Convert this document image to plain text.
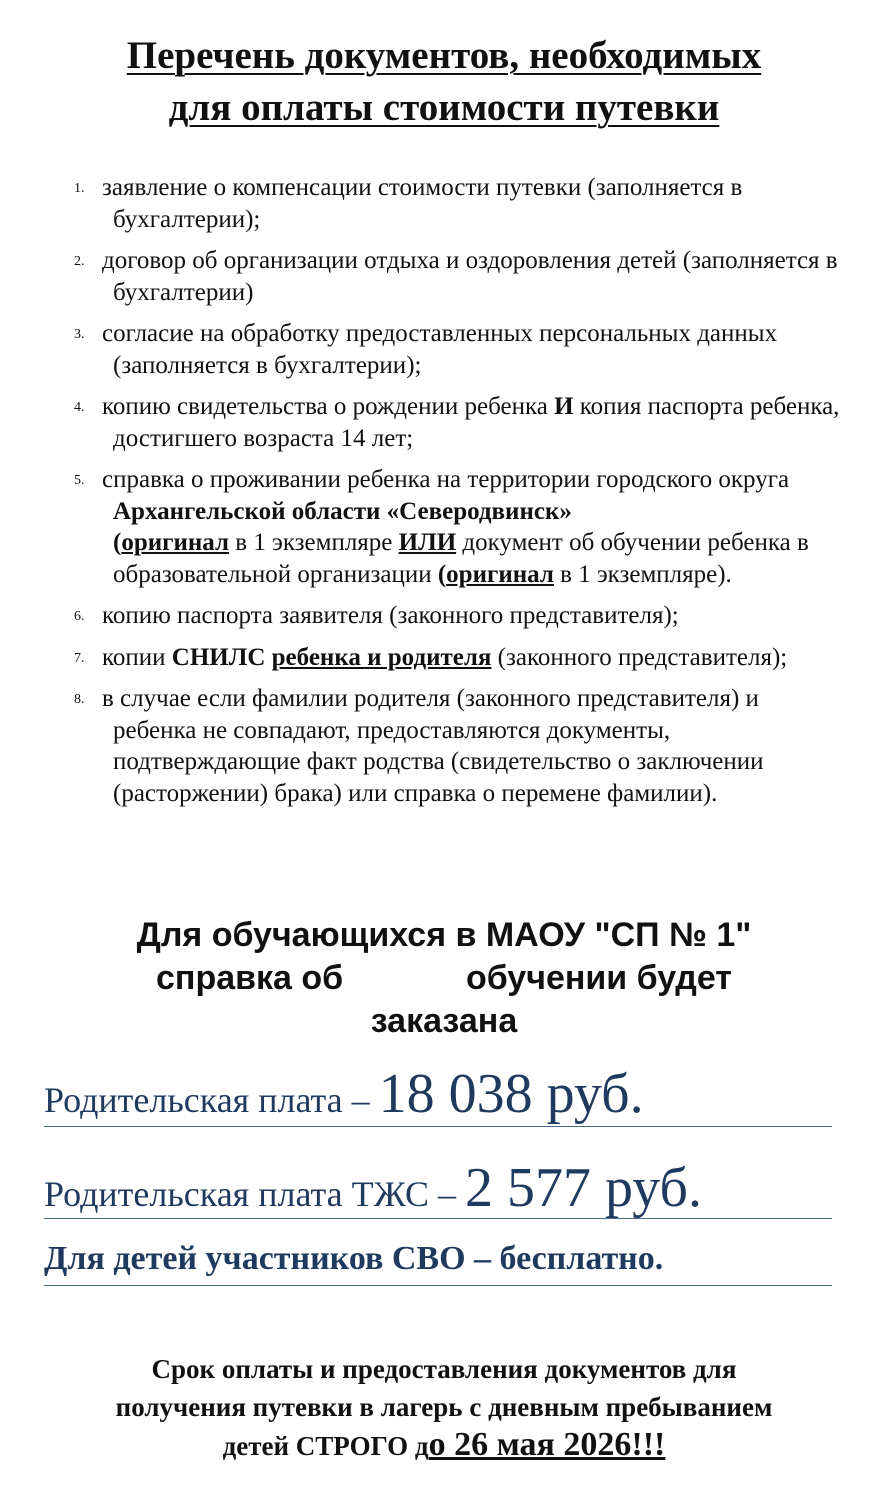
Перечень документов, необходимых
для оплаты стоимости путевки
1. заявление о компенсации стоимости путевки (заполняется в бухгалтерии);
2. договор об организации отдыха и оздоровления детей (заполняется в бухгалтерии)
3. согласие на обработку предоставленных персональных данных (заполняется в бухгалтерии);
4. копию свидетельства о рождении ребенка И копия паспорта ребенка, достигшего возраста 14 лет;
5. справка о проживании ребенка на территории городского округа Архангельской области «Северодвинск»
(оригинал в 1 экземпляре ИЛИ документ об обучении ребенка в образовательной организации (оригинал в 1 экземпляре).
6. копию паспорта заявителя (законного представителя);
7. копии СНИЛС ребенка и родителя (законного представителя);
8. в случае если фамилии родителя (законного представителя) и ребенка не совпадают, предоставляются документы, подтверждающие факт родства (свидетельство о заключении (расторжении) брака) или справка о перемене фамилии).
Для обучающихся в МАОУ "СП № 1"
справка об             обучении будет
заказана
Родительская плата – 18 038 руб.
Родительская плата ТЖС – 2 577 руб.
Для детей участников СВО – бесплатно.
Срок оплаты и предоставления документов для
получения путевки в лагерь с дневным пребыванием
детей СТРОГО до 26 мая 2026!!!
